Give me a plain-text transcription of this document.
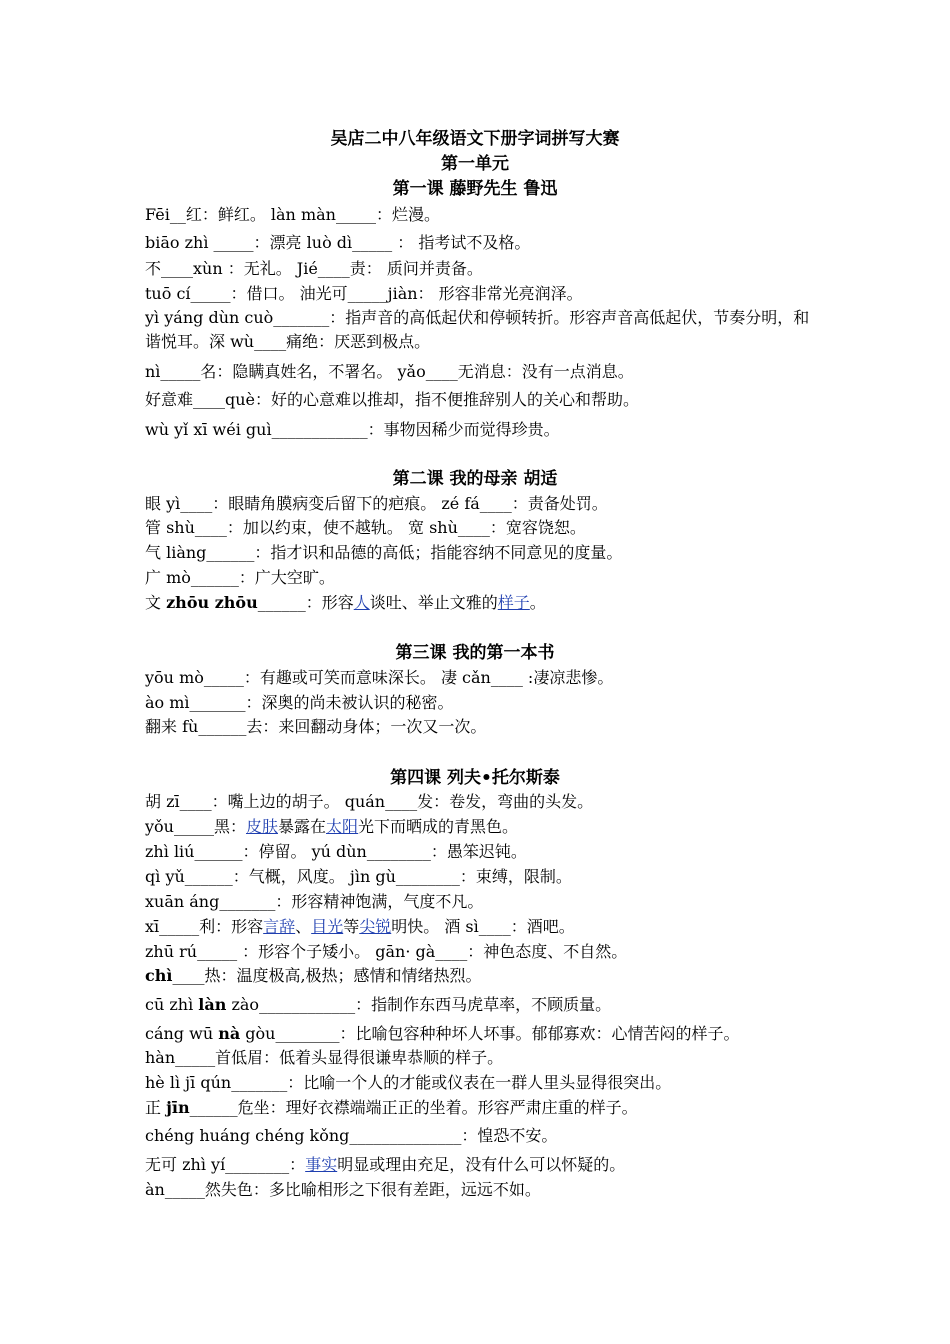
吴店二中八年级语文下册字词拼写大赛
第一单元
第一课 藤野先生 鲁迅
Fēi__红：鲜红。 làn màn_____：烂漫。
biāo zhì _____：漂亮 luò dì_____ ： 指考试不及格。
不____xùn ：无礼。 Jié____责： 质问并责备。
tuō cí_____：借口。 油光可_____jiàn： 形容非常光亮润泽。
yì yáng dùn cuò_______：指声音的高低起伏和停顿转折。形容声音高低起伏，节奏分明，和谐悦耳。深 wù____痛绝：厌恶到极点。
nì_____名：隐瞒真姓名，不署名。 yǎo____无消息：没有一点消息。
好意难____què：好的心意难以推却，指不便推辞别人的关心和帮助。
wù yǐ xī wéi guì____________：事物因稀少而觉得珍贵。
第二课 我的母亲 胡适
眼 yì____：眼睛角膜病变后留下的疤痕。 zé fá____：责备处罚。
管 shù____：加以约束，使不越轨。 宽 shù____：宽容饶恕。
气 liàng______：指才识和品德的高低；指能容纳不同意见的度量。
广 mò______：广大空旷。
文 zhōu zhōu______：形容人谈吐、举止文雅的样子。
第三课 我的第一本书
yōu mò_____：有趣或可笑而意味深长。 凄 cǎn____ :凄凉悲惨。
ào mì_______：深奥的尚未被认识的秘密。
翻来 fù______去：来回翻动身体；一次又一次。
第四课 列夫•托尔斯泰
胡 zī____：嘴上边的胡子。 quán____发：卷发，弯曲的头发。
yǒu_____黑：皮肤暴露在太阳光下而晒成的青黑色。
zhì liú______：停留。 yú dùn________：愚笨迟钝。
qì yǔ______：气概，风度。 jìn gù________：束缚，限制。
xuān áng_______：形容精神饱满，气度不凡。
xī_____利：形容言辞、目光等尖锐明快。 酒 sì____：酒吧。
zhū rú_____ ：形容个子矮小。 gān· gà____：神色态度、不自然。
chì____热：温度极高,极热；感情和情绪热烈。
cū zhì làn zào____________：指制作东西马虎草率，不顾质量。
cáng wū nà gòu________：比喻包容种种坏人坏事。郁郁寡欢：心情苦闷的样子。
hàn_____首低眉：低着头显得很谦卑恭顺的样子。
hè lì jī qún_______：比喻一个人的才能或仪表在一群人里头显得很突出。
正 jīn______危坐：理好衣襟端端正正的坐着。形容严肃庄重的样子。
chéng huáng chéng kǒng______________：惶恐不安。
无可 zhì yí________：事实明显或理由充足，没有什么可以怀疑的。
àn_____然失色：多比喻相形之下很有差距，远远不如。
